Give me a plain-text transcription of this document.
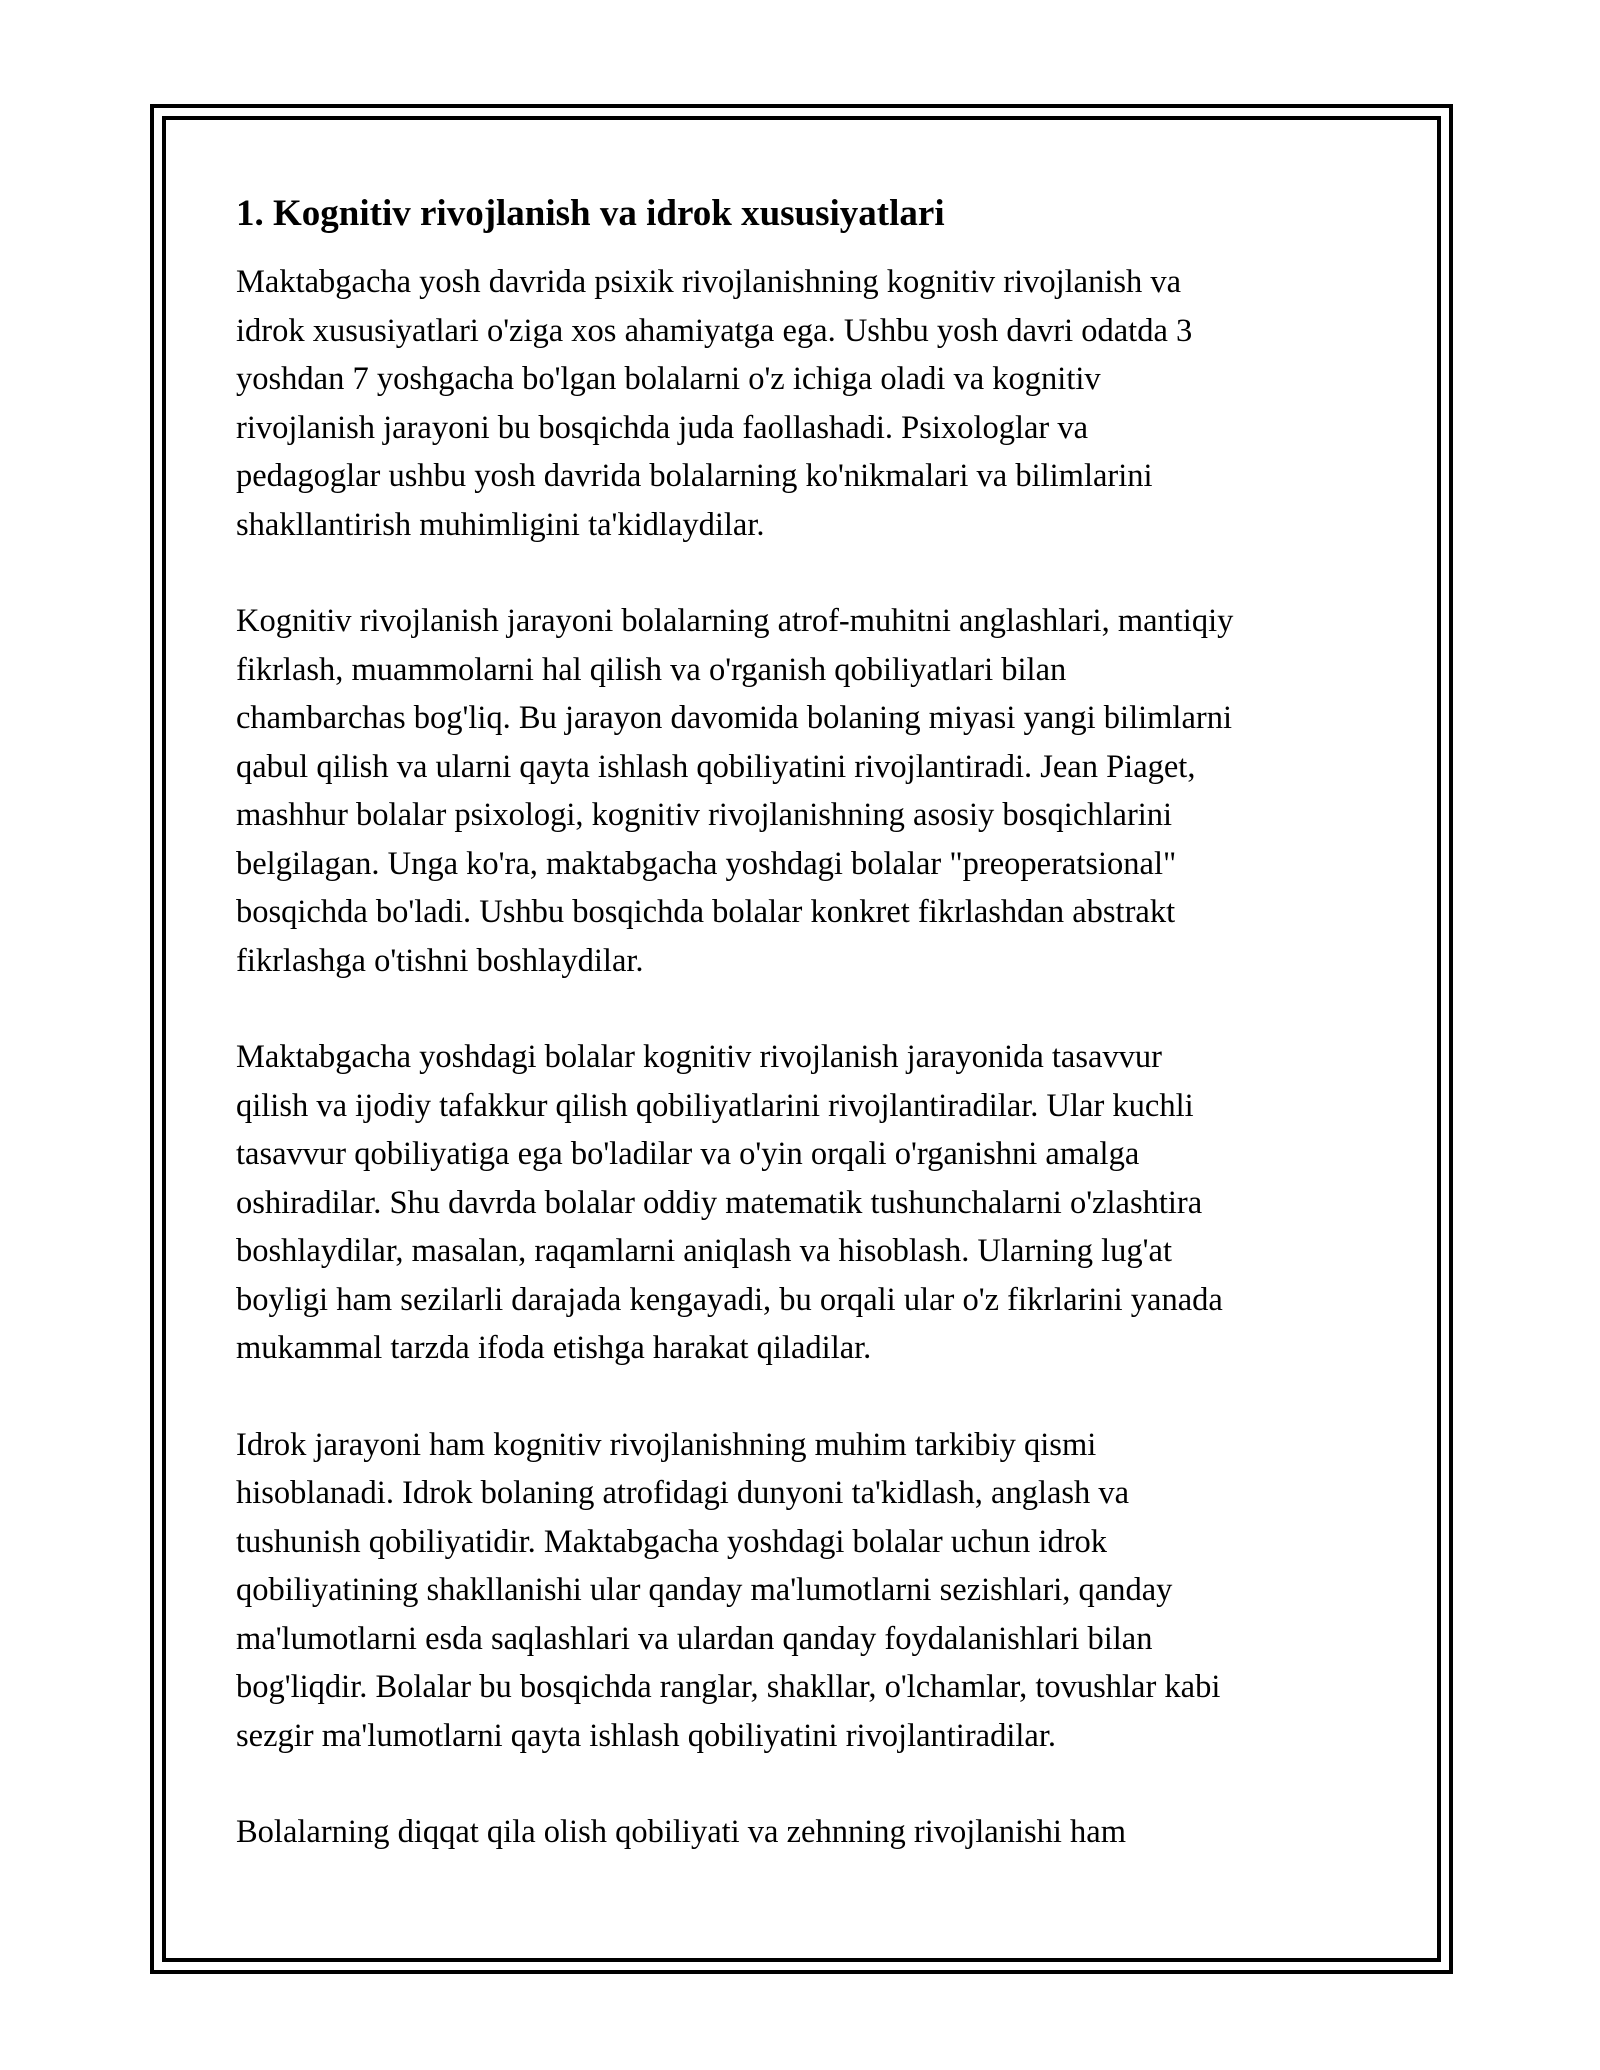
1. Kognitiv rivojlanish va idrok xususiyatlari
Maktabgacha yosh davrida psixik rivojlanishning kognitiv rivojlanish va
idrok xususiyatlari o'ziga xos ahamiyatga ega. Ushbu yosh davri odatda 3
yoshdan 7 yoshgacha bo'lgan bolalarni o'z ichiga oladi va kognitiv
rivojlanish jarayoni bu bosqichda juda faollashadi. Psixologlar va
pedagoglar ushbu yosh davrida bolalarning ko'nikmalari va bilimlarini
shakllantirish muhimligini ta'kidlaydilar.
Kognitiv rivojlanish jarayoni bolalarning atrof-muhitni anglashlari, mantiqiy
fikrlash, muammolarni hal qilish va o'rganish qobiliyatlari bilan
chambarchas bog'liq. Bu jarayon davomida bolaning miyasi yangi bilimlarni
qabul qilish va ularni qayta ishlash qobiliyatini rivojlantiradi. Jean Piaget,
mashhur bolalar psixologi, kognitiv rivojlanishning asosiy bosqichlarini
belgilagan. Unga ko'ra, maktabgacha yoshdagi bolalar "preoperatsional"
bosqichda bo'ladi. Ushbu bosqichda bolalar konkret fikrlashdan abstrakt
fikrlashga o'tishni boshlaydilar.
Maktabgacha yoshdagi bolalar kognitiv rivojlanish jarayonida tasavvur
qilish va ijodiy tafakkur qilish qobiliyatlarini rivojlantiradilar. Ular kuchli
tasavvur qobiliyatiga ega bo'ladilar va o'yin orqali o'rganishni amalga
oshiradilar. Shu davrda bolalar oddiy matematik tushunchalarni o'zlashtira
boshlaydilar, masalan, raqamlarni aniqlash va hisoblash. Ularning lug'at
boyligi ham sezilarli darajada kengayadi, bu orqali ular o'z fikrlarini yanada
mukammal tarzda ifoda etishga harakat qiladilar.
Idrok jarayoni ham kognitiv rivojlanishning muhim tarkibiy qismi
hisoblanadi. Idrok bolaning atrofidagi dunyoni ta'kidlash, anglash va
tushunish qobiliyatidir. Maktabgacha yoshdagi bolalar uchun idrok
qobiliyatining shakllanishi ular qanday ma'lumotlarni sezishlari, qanday
ma'lumotlarni esda saqlashlari va ulardan qanday foydalanishlari bilan
bog'liqdir. Bolalar bu bosqichda ranglar, shakllar, o'lchamlar, tovushlar kabi
sezgir ma'lumotlarni qayta ishlash qobiliyatini rivojlantiradilar.
Bolalarning diqqat qila olish qobiliyati va zehnning rivojlanishi ham
